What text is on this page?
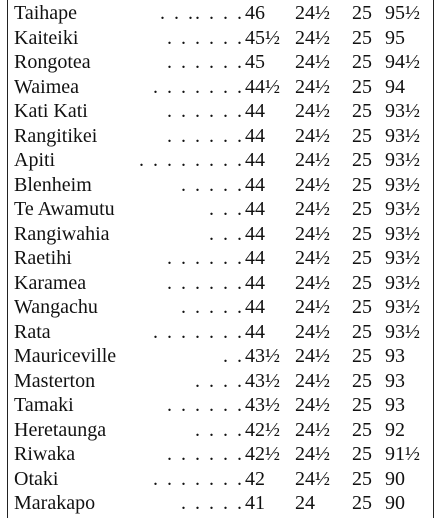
Taihape	. . .. . . . 46	24½	25 95½
Kaiteiki	. . . . . . 45½ 24½	25 95
Rongotea	. . . . . . 45	24½	25 94½
Waimea	. . . . . . . 44½ 24½	25 94
Kati Kati	. . . . . . 44	24½	25 93½
Rangitikei	. . . . . . 44	24½	25 93½
Apiti	. . . . . . . . 44	24½	25 93½
Blenheim	. . . . . 44	24½	25 93½
Te Awamutu	. . . 44	24½	25 93½
Rangiwahia	. . . 44	24½	25 93½
Raetihi	. . . . . . 44	24½	25 93½
Karamea	. . . . . . 44	24½	25 93½
Wangachu	. . . . . 44	24½	25 93½
Rata	. . . . . . . 44	24½	25 93½
Mauriceville	. . 43½ 24½	25 93
Masterton	. . . . 43½ 24½	25 93
Tamaki	. . . . . . 43½ 24½	25 93
Heretaunga	. . . . 42½ 24½	25 92
Riwaka	. . . . . . 42½ 24½	25 91½
Otaki	. . . . . . . 42	24½	25 90
Marakapo	. . . . . 41	24	25 90
